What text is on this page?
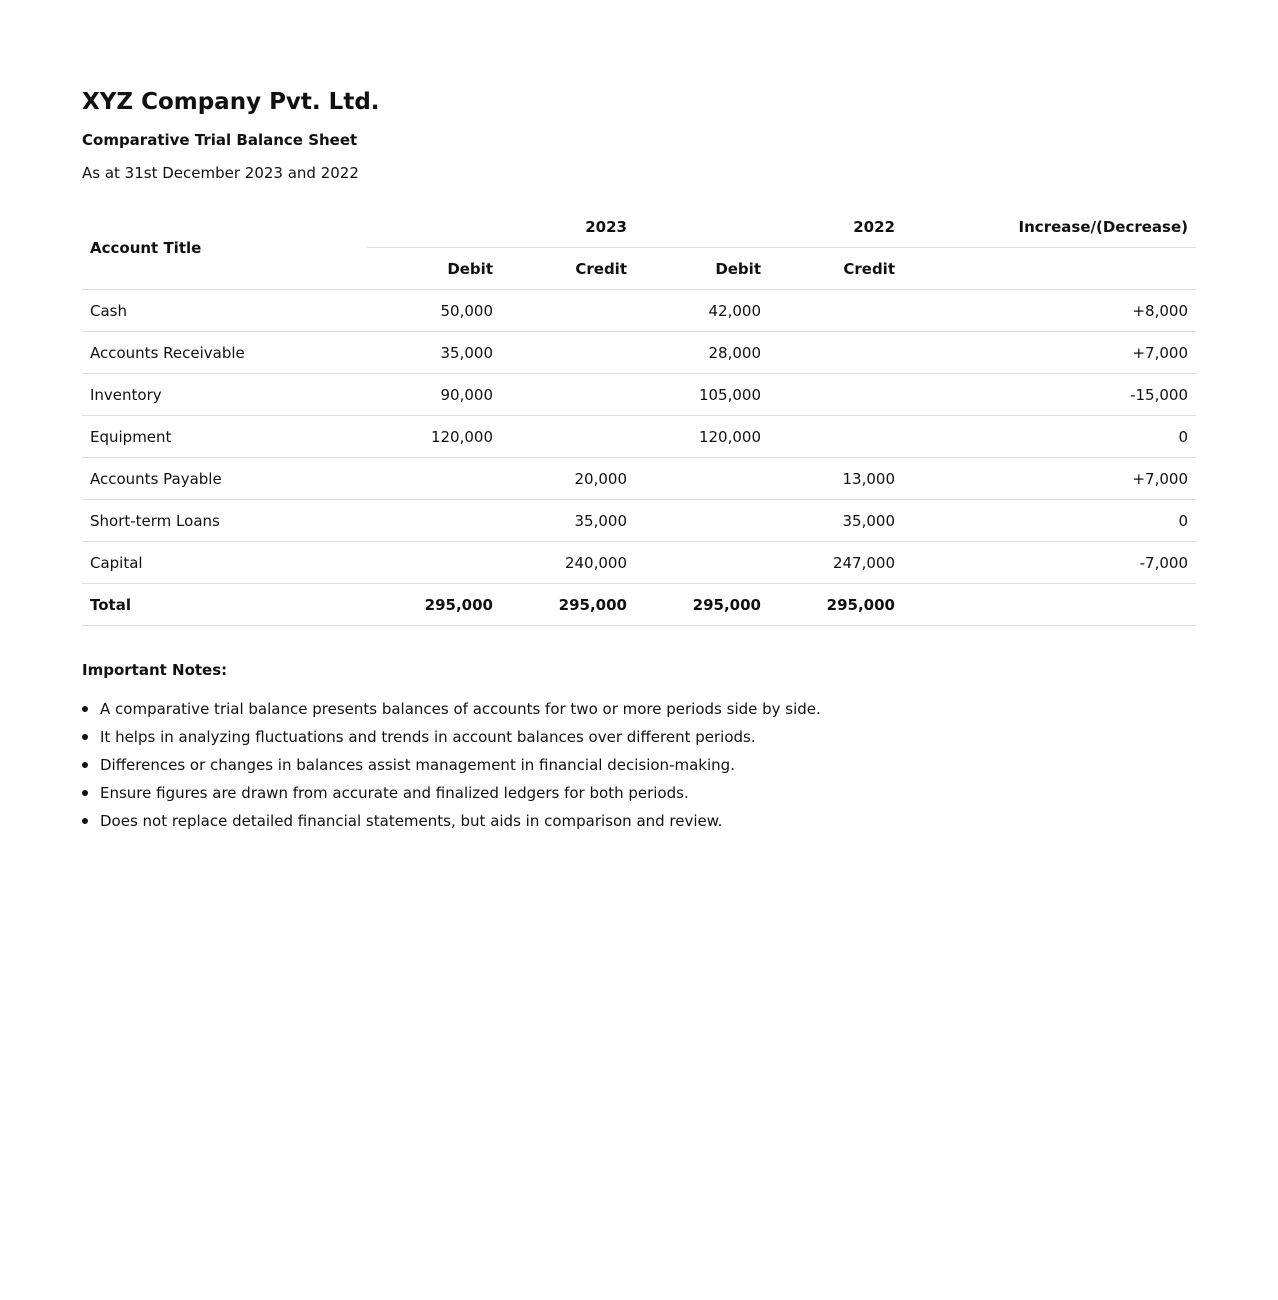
XYZ Company Pvt. Ltd.

Comparative Trial Balance Sheet

As at 31st December 2023 and 2022

Account Title	2023		2022		Increase/(Decrease)
	Debit	Credit	Debit	Credit	
Cash	50,000		42,000		+8,000
Accounts Receivable	35,000		28,000		+7,000
Inventory	90,000		105,000		-15,000
Equipment	120,000		120,000		0
Accounts Payable		20,000		13,000	+7,000
Short-term Loans		35,000		35,000	0
Capital		240,000		247,000	-7,000
Total	295,000	295,000	295,000	295,000	

Important Notes:

A comparative trial balance presents balances of accounts for two or more periods side by side.
It helps in analyzing fluctuations and trends in account balances over different periods.
Differences or changes in balances assist management in financial decision-making.
Ensure figures are drawn from accurate and finalized ledgers for both periods.
Does not replace detailed financial statements, but aids in comparison and review.
